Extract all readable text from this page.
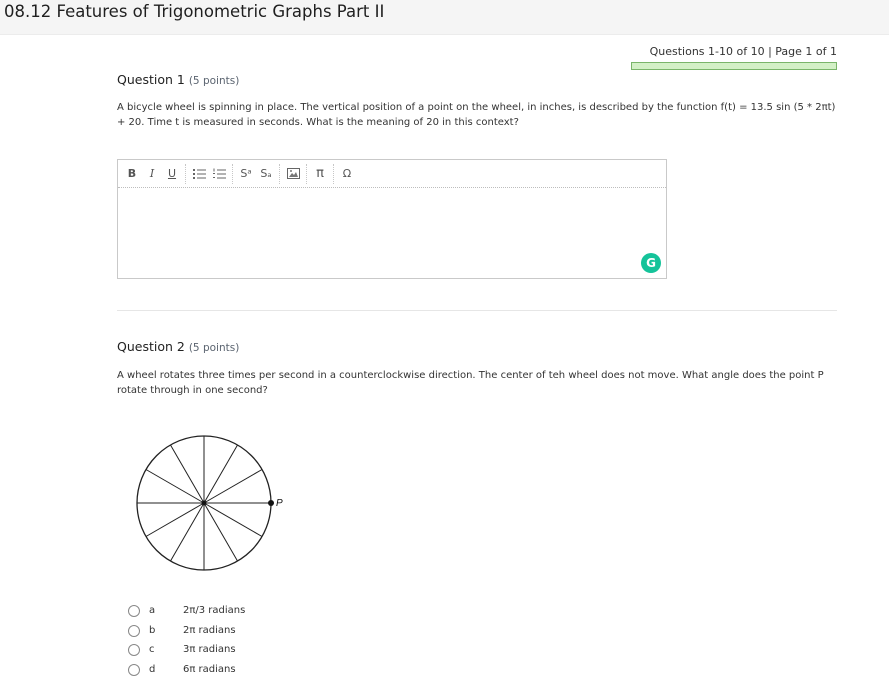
08.12 Features of Trigonometric Graphs Part II
Questions 1-10 of 10 | Page 1 of 1
Question 1 (5 points)
A bicycle wheel is spinning in place. The vertical position of a point on the wheel, in inches, is described by the function f(t) = 13.5 sin (5 * 2πt) + 20. Time t is measured in seconds. What is the meaning of 20 in this context?
B	I	U	Sᵃ Sₐ	π	Ω
G
Question 2 (5 points)
A wheel rotates three times per second in a counterclockwise direction. The center of teh wheel does not move. What angle does the point P rotate through in one second?
P
a	2π/3 radians
b	2π radians
c	3π radians
d	6π radians
